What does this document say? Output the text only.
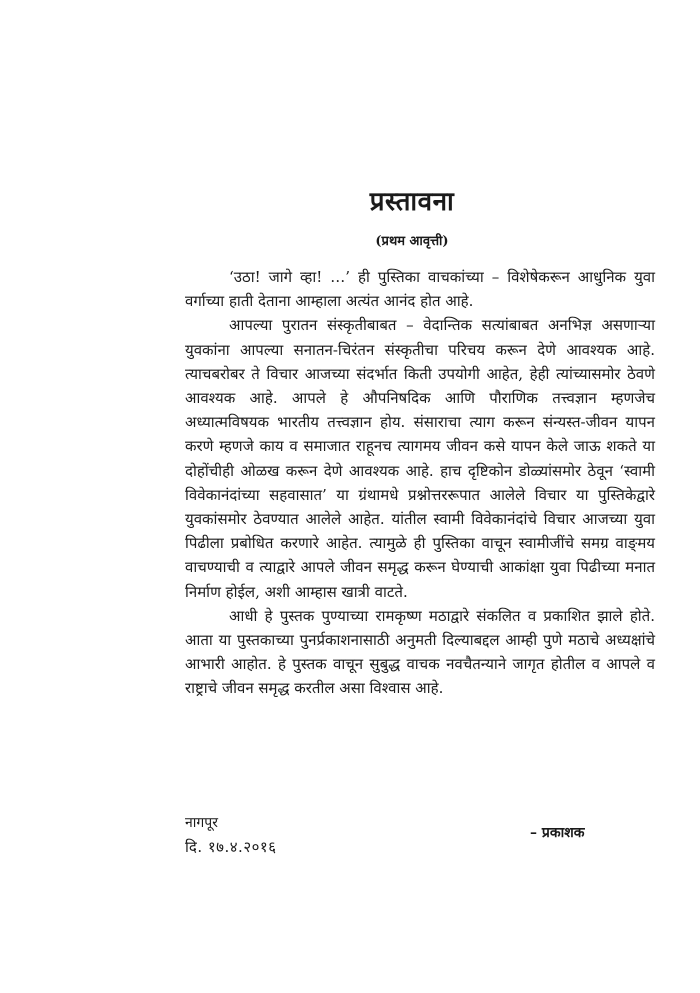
प्रस्तावना
(प्रथम आवृत्ती)

‘उठा! जागे व्हा! …’ ही पुस्तिका वाचकांच्या – विशेषेकरून आधुनिक युवा वर्गाच्या हाती देताना आम्हाला अत्यंत आनंद होत आहे.

आपल्या पुरातन संस्कृतीबाबत – वेदान्तिक सत्यांबाबत अनभिज्ञ असणाऱ्या युवकांना आपल्या सनातन-चिरंतन संस्कृतीचा परिचय करून देणे आवश्यक आहे. त्याचबरोबर ते विचार आजच्या संदर्भात किती उपयोगी आहेत, हेही त्यांच्यासमोर ठेवणे आवश्यक आहे. आपले हे औपनिषदिक आणि पौराणिक तत्त्वज्ञान म्हणजेच अध्यात्मविषयक भारतीय तत्त्वज्ञान होय. संसाराचा त्याग करून संन्यस्त-जीवन यापन करणे म्हणजे काय व समाजात राहूनच त्यागमय जीवन कसे यापन केले जाऊ शकते या दोहोंचीही ओळख करून देणे आवश्यक आहे. हाच दृष्टिकोन डोळ्यांसमोर ठेवून ‘स्वामी विवेकानंदांच्या सहवासात’ या ग्रंथामधे प्रश्नोत्तररूपात आलेले विचार या पुस्तिकेद्वारे युवकांसमोर ठेवण्यात आलेले आहेत. यांतील स्वामी विवेकानंदांचे विचार आजच्या युवा पिढीला प्रबोधित करणारे आहेत. त्यामुळे ही पुस्तिका वाचून स्वामीजींचे समग्र वाङ्‌मय वाचण्याची व त्याद्वारे आपले जीवन समृद्ध करून घेण्याची आकांक्षा युवा पिढीच्या मनात निर्माण होईल, अशी आम्हास खात्री वाटते.

आधी हे पुस्तक पुण्याच्या रामकृष्ण मठाद्वारे संकलित व प्रकाशित झाले होते. आता या पुस्तकाच्या पुनर्प्रकाशनासाठी अनुमती दिल्याबद्दल आम्ही पुणे मठाचे अध्यक्षांचे आभारी आहोत. हे पुस्तक वाचून सुबुद्ध वाचक नवचैतन्याने जागृत होतील व आपले व राष्ट्राचे जीवन समृद्ध करतील असा विश्वास आहे.

नागपूर
दि. १७.४.२०१६
– प्रकाशक
